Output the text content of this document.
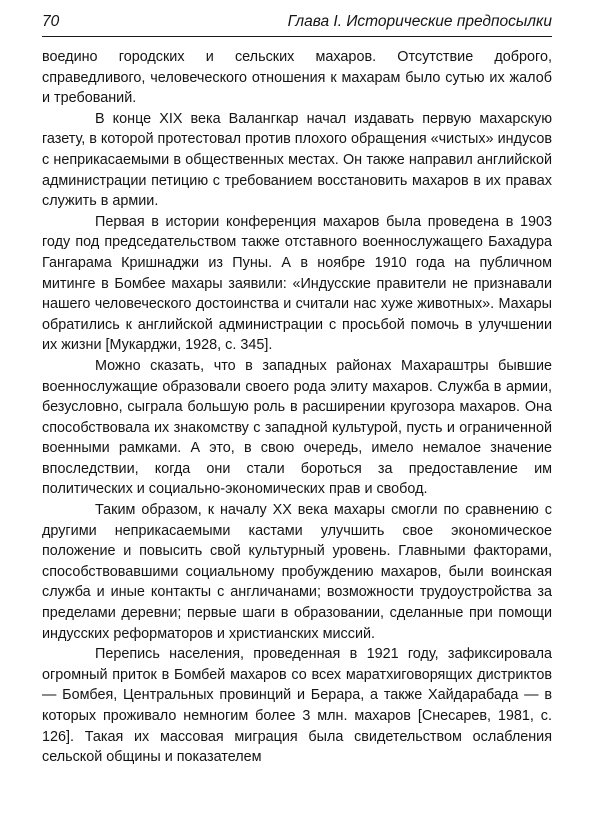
70	Глава I. Исторические предпосылки

воедино городских и сельских махаров. Отсутствие доброго, справедливого, человеческого отношения к махарам было сутью их жалоб и требований.

В конце XIX века Валангкар начал издавать первую махарскую газету, в которой протестовал против плохого обращения «чистых» индусов с неприкасаемыми в общественных местах. Он также направил английской администрации петицию с требованием восстановить махаров в их правах служить в армии.

Первая в истории конференция махаров была проведена в 1903 году под председательством также отставного военнослужащего Бахадура Гангарама Кришнаджи из Пуны. А в ноябре 1910 года на публичном митинге в Бомбее махары заявили: «Индусские правители не признавали нашего человеческого достоинства и считали нас хуже животных». Махары обратились к английской администрации с просьбой помочь в улучшении их жизни [Мукарджи, 1928, с. 345].

Можно сказать, что в западных районах Махараштры бывшие военнослужащие образовали своего рода элиту махаров. Служба в армии, безусловно, сыграла большую роль в расширении кругозора махаров. Она способствовала их знакомству с западной культурой, пусть и ограниченной военными рамками. А это, в свою очередь, имело немалое значение впоследствии, когда они стали бороться за предоставление им политических и социально-экономических прав и свобод.

Таким образом, к началу XX века махары смогли по сравнению с другими неприкасаемыми кастами улучшить свое экономическое положение и повысить свой культурный уровень. Главными факторами, способствовавшими социальному пробуждению махаров, были воинская служба и иные контакты с англичанами; возможности трудоустройства за пределами деревни; первые шаги в образовании, сделанные при помощи индусских реформаторов и христианских миссий.

Перепись населения, проведенная в 1921 году, зафиксировала огромный приток в Бомбей махаров со всех маратхиговорящих дистриктов — Бомбея, Центральных провинций и Берара, а также Хайдарабада — в которых проживало немногим более 3 млн. махаров [Снесарев, 1981, с. 126]. Такая их массовая миграция была свидетельством ослабления сельской общины и показателем
